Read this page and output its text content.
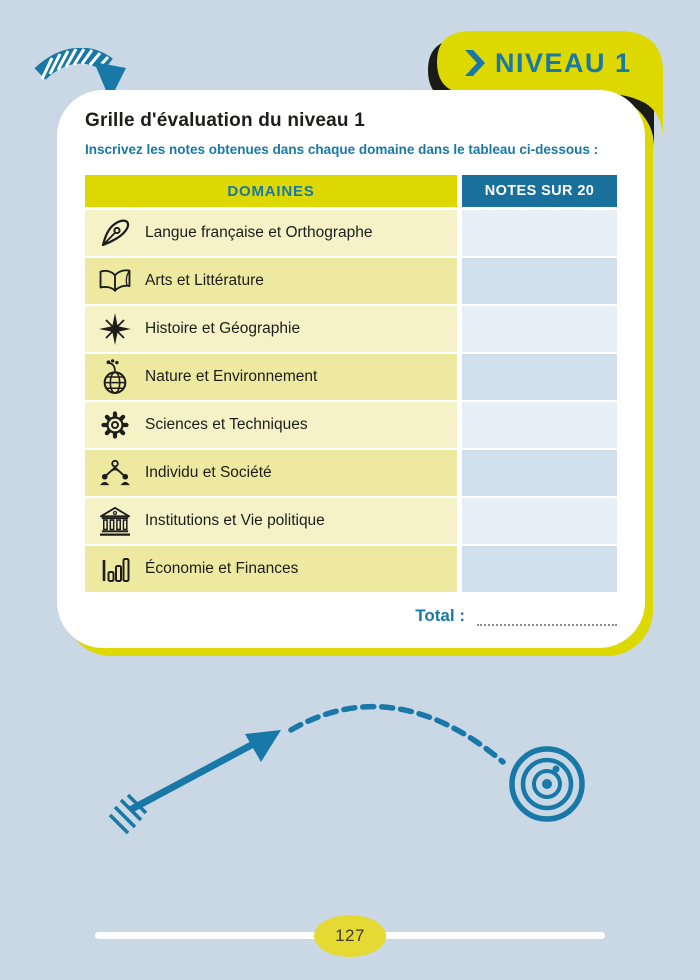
NIVEAU 1
Grille d'évaluation du niveau 1
Inscrivez les notes obtenues dans chaque domaine dans le tableau ci-dessous :
DOMAINES	NOTES SUR 20
Langue française et Orthographe
Arts et Littérature
Histoire et Géographie
Nature et Environnement
Sciences et Techniques
Individu et Société
Institutions et Vie politique
Économie et Finances
Total :
127
